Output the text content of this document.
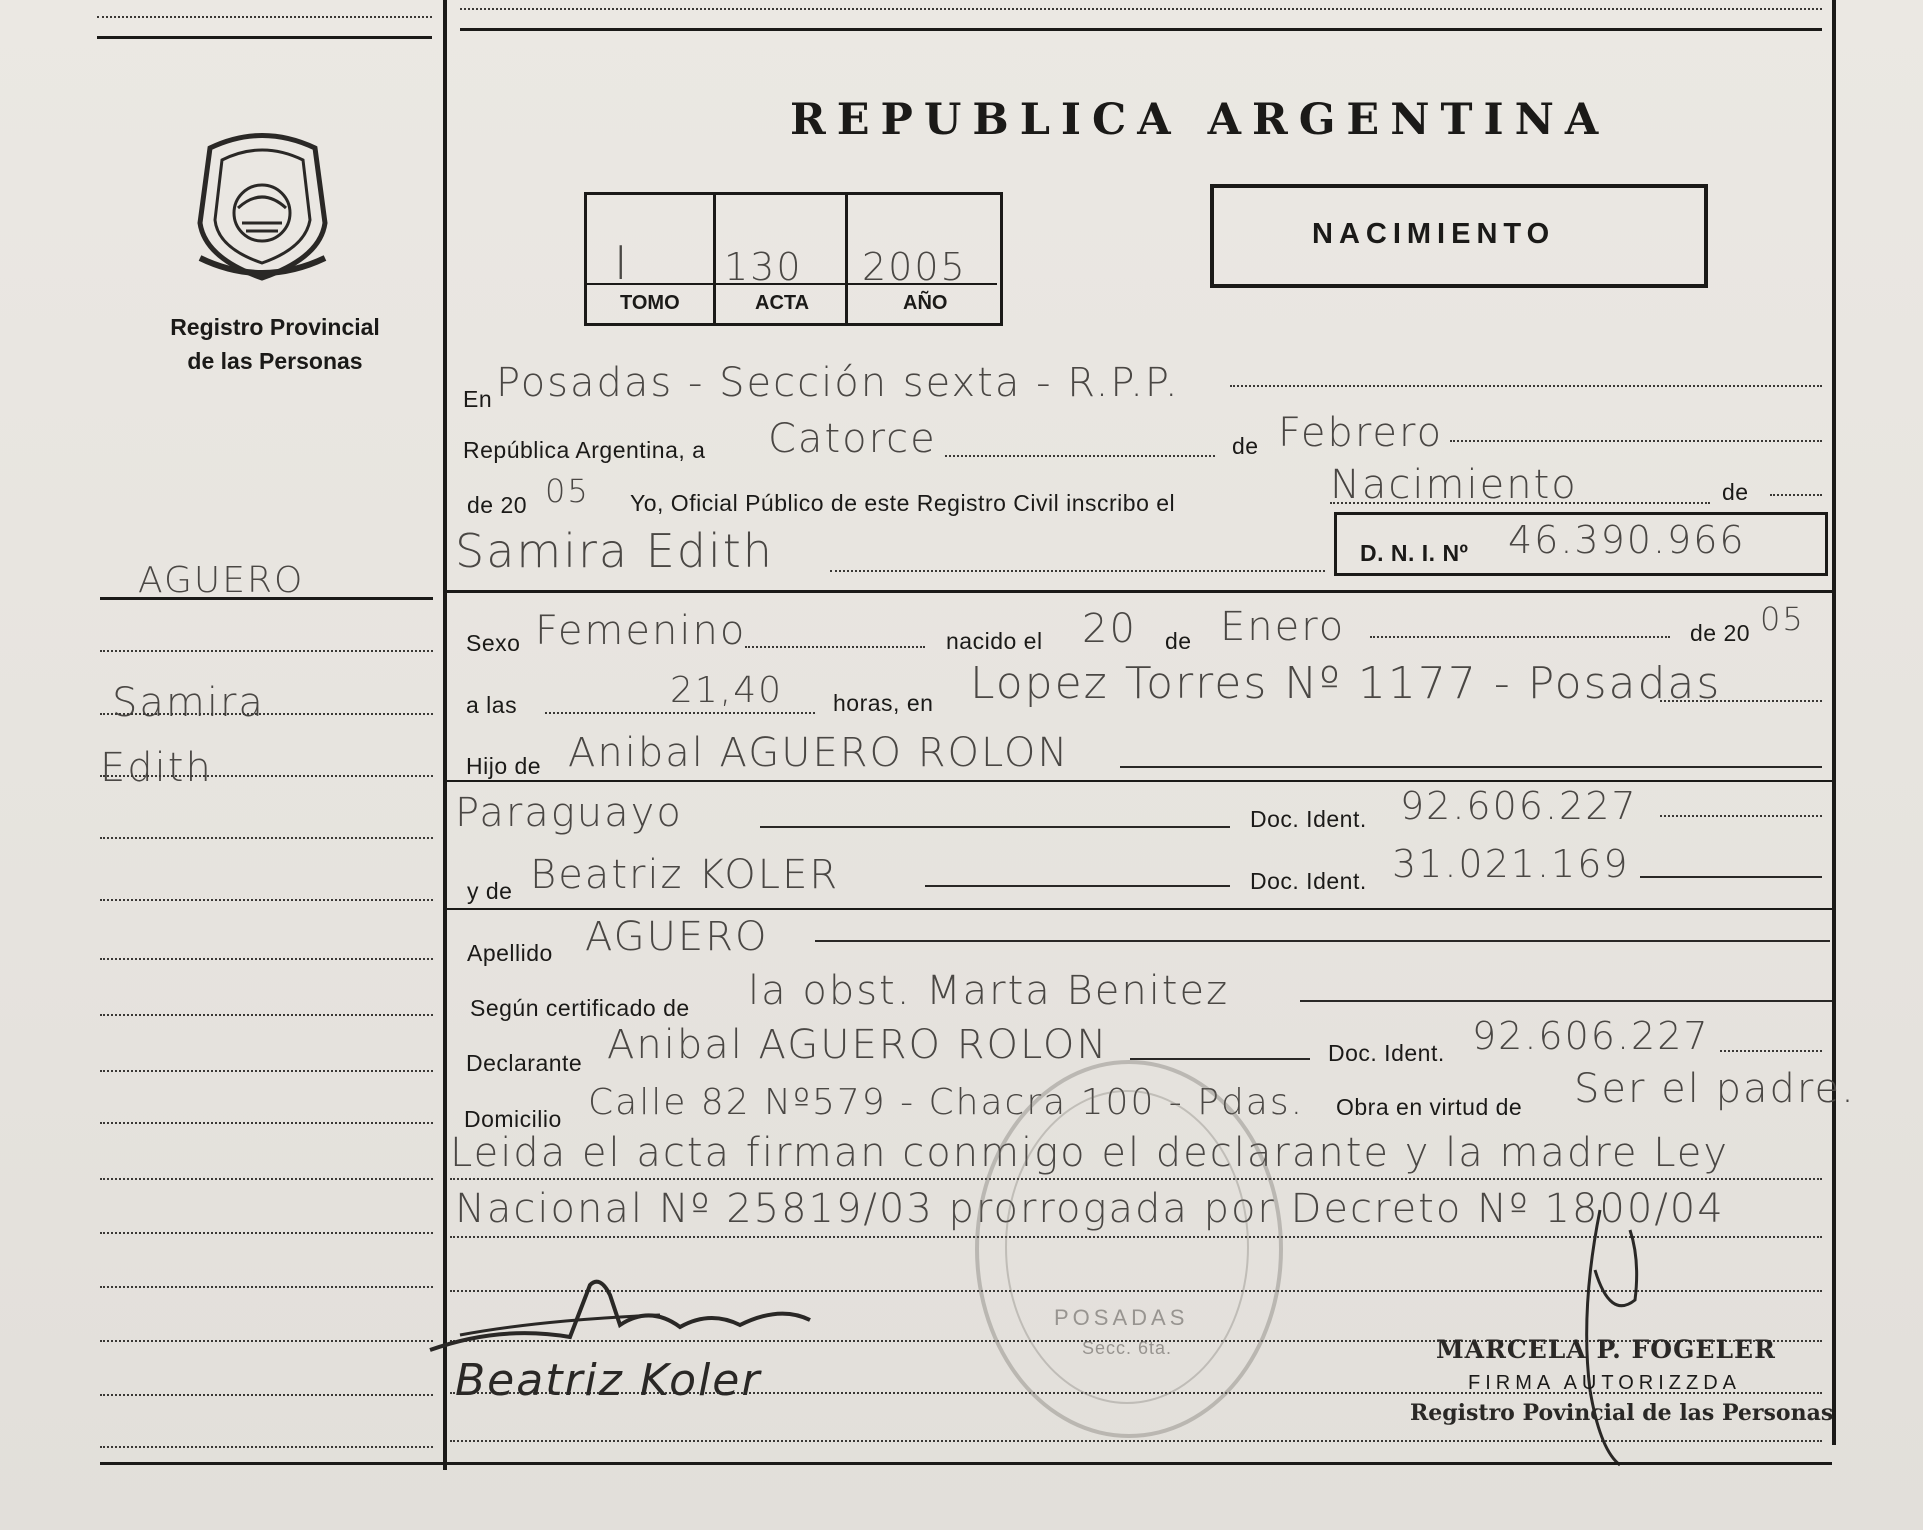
Registro Provincial
de las Personas
REPUBLICA ARGENTINA
I 130 2005
TOMO	ACTA	AÑO
NACIMIENTO
AGUERO
Samira
Edith
En Posadas - Sección sexta - R.P.P.
República Argentina, a Catorce	de Febrero
de 20 05 Yo, Oficial Público de este Registro Civil inscribo el	Nacimiento	de
Samira Edith	D. N. I. Nº 46.390.966
Sexo Femenino	nacido el 20 de Enero	de 20 05
a las	21,40 horas, en Lopez Torres Nº 1177 - Posadas
Hijo de Anibal AGUERO ROLON
Paraguayo	Doc. Ident. 92.606.227
y de Beatriz KOLER	Doc. Ident. 31.021.169
Apellido AGUERO
Según certificado de la obst. Marta Benitez
Declarante Anibal AGUERO ROLON	Doc. Ident. 92.606.227
Domicilio Calle 82 Nº579 - Chacra 100 - Pdas. Obra en virtud de Ser el padre.
Leida el acta firman conmigo el declarante y la madre Ley
Nacional Nº 25819/03 prorrogada por Decreto Nº 1800/04
POSADAS
Secc. 6ta.
Beatriz Koler
MARCELA P. FOGELER
FIRMA AUTORIZZDA
Registro Povincial de las Personas
